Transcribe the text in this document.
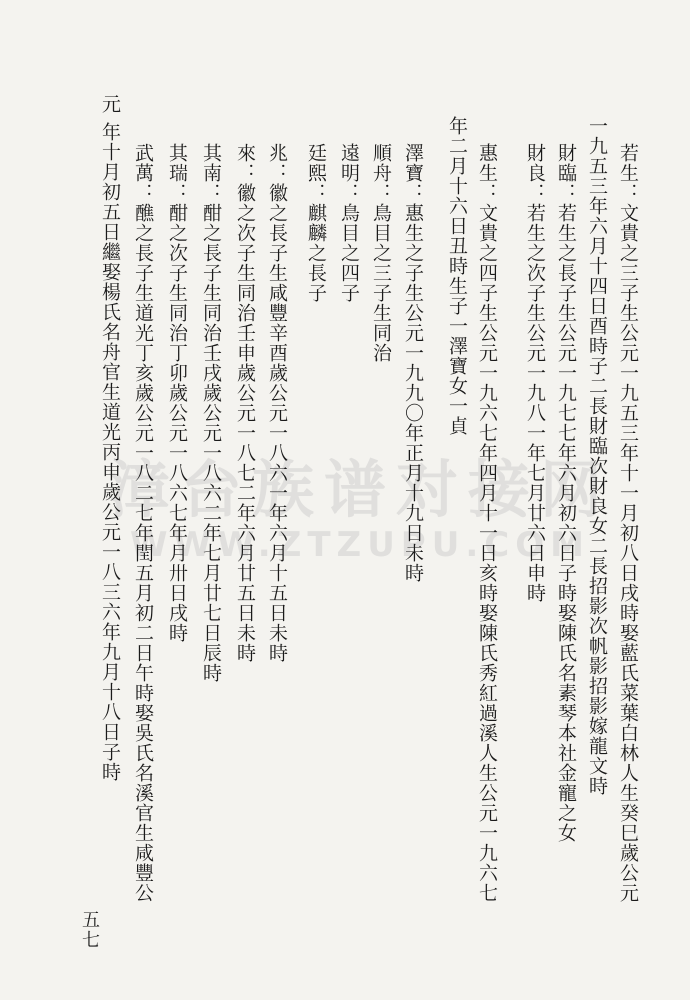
漳台族谱对接网
WWW.ZTZUPU.COM	若生：文貴之三子生公元一九五三年十一月初八日戌時娶藍氏菜葉白林人生癸巳歲公元
一九五三年六月十四日酉時子二長財臨次財良女二長招影次帆影招影嫁龍文時
財臨：若生之長子生公元一九七七年六月初六日子時娶陳氏名素琴本社金寵之女
財良：若生之次子生公元一九八一年七月廿六日申時
惠生：文貴之四子生公元一九六七年四月十一日亥時娶陳氏秀紅過溪人生公元一九六七
年二月十六日丑時生子一澤寶女一貞
澤寶：惠生之子生公元一九九〇年正月十九日未時
順舟：鳥目之三子生同治
遠明：鳥目之四子
廷熙：麒麟之長子
兆：徽之長子生咸豐辛酉歲公元一八六一年六月十五日未時
來：徽之次子生同治壬申歲公元一八七二年六月廿五日未時
其南：酣之長子生同治壬戌歲公元一八六二年七月廿七日辰時
其瑞：酣之次子生同治丁卯歲公元一八六七年月卅日戌時
武萬：醮之長子生道光丁亥歲公元一八二七年閏五月初二日午時娶吳氏名溪官生咸豐公
元
年十月初五日繼娶楊氏名舟官生道光丙申歲公元一八三六年九月十八日子時
五七
